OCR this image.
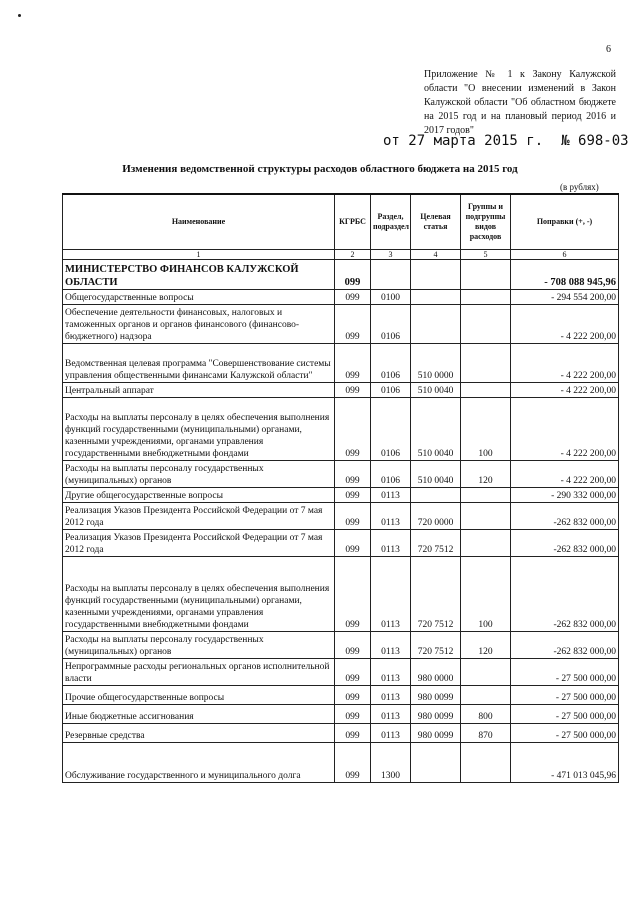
6
Приложение № 1 к Закону Калужской области "О внесении изменений в Закон Калужской области "Об областном бюджете на 2015 год и на плановый период 2016 и 2017 годов"
от 27 марта 2015 г. № 698-03
Изменения ведомственной структуры расходов областного бюджета на 2015 год
(в рублях)
Наименование	КГРБС	Раздел, подраздел	Целевая статья	Группы и подгруппы видов расходов	Поправки (+, -)
1	2	3	4	5	6
МИНИСТЕРСТВО ФИНАНСОВ КАЛУЖСКОЙ ОБЛАСТИ	099				- 708 088 945,96
Общегосударственные вопросы	099	0100			- 294 554 200,00
Обеспечение деятельности финансовых, налоговых и таможенных органов и органов финансового (финансово-бюджетного) надзора	099	0106			- 4 222 200,00
Ведомственная целевая программа "Совершенствование системы управления общественными финансами Калужской области"	099	0106	510 0000		- 4 222 200,00
Центральный аппарат	099	0106	510 0040		- 4 222 200,00
Расходы на выплаты персоналу в целях обеспечения выполнения функций государственными (муниципальными) органами, казенными учреждениями, органами управления государственными внебюджетными фондами	099	0106	510 0040	100	- 4 222 200,00
Расходы на выплаты персоналу государственных (муниципальных) органов	099	0106	510 0040	120	- 4 222 200,00
Другие общегосударственные вопросы	099	0113			- 290 332 000,00
Реализация Указов Президента Российской Федерации от 7 мая 2012 года	099	0113	720 0000		-262 832 000,00
Реализация Указов Президента Российской Федерации от 7 мая 2012 года	099	0113	720 7512		-262 832 000,00
Расходы на выплаты персоналу в целях обеспечения выполнения функций государственными (муниципальными) органами, казенными учреждениями, органами управления государственными внебюджетными фондами	099	0113	720 7512	100	-262 832 000,00
Расходы на выплаты персоналу государственных (муниципальных) органов	099	0113	720 7512	120	-262 832 000,00
Непрограммные расходы региональных органов исполнительной власти	099	0113	980 0000		- 27 500 000,00
Прочие общегосударственные вопросы	099	0113	980 0099		- 27 500 000,00
Иные бюджетные ассигнования	099	0113	980 0099	800	- 27 500 000,00
Резервные средства	099	0113	980 0099	870	- 27 500 000,00
Обслуживание государственного и муниципального долга	099	1300			- 471 013 045,96
